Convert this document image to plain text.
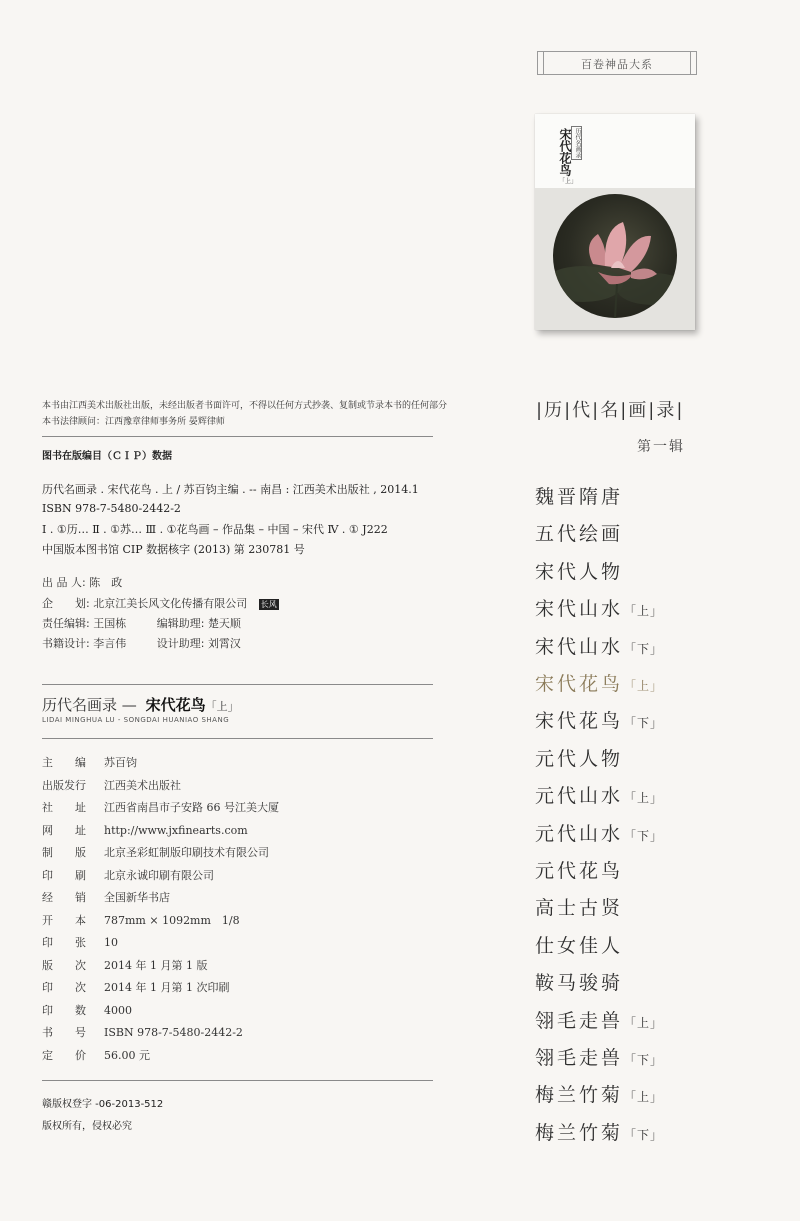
百卷神品大系
宋代花鸟 历代名画录
「上」
本书由江西美术出版社出版，未经出版者书面许可，不得以任何方式抄袭、复制或节录本书的任何部分
本书法律顾问：江西豫章律师事务所 晏辉律师
图书在版编目（ＣＩＰ）数据
历代名画录 . 宋代花鸟 . 上 / 苏百钧主编 . -- 南昌 : 江西美术出版社 , 2014.1
ISBN 978-7-5480-2442-2
Ⅰ . ①历… Ⅱ . ①苏… Ⅲ . ①花鸟画 – 作品集 – 中国 – 宋代 Ⅳ . ① J222
中国版本图书馆 CIP 数据核字 (2013) 第 230781 号
出 品 人: 陈　政
企　　划: 北京江美长风文化传播有限公司 长风
责任编辑: 王国栋	编辑助理: 楚天顺
书籍设计: 李言伟	设计助理: 刘霄汉
历代名画录 — 宋代花鸟「上」
LIDAI MINGHUA LU - SONGDAI HUANIAO SHANG
主　　编 苏百钧
出版发行 江西美术出版社
社　　址 江西省南昌市子安路 66 号江美大厦
网　　址 http://www.jxfinearts.com
制　　版 北京圣彩虹制版印刷技术有限公司
印　　刷 北京永诚印刷有限公司
经　　销 全国新华书店
开　　本 787mm × 1092mm　1/8
印　　张 10
版　　次 2014 年 1 月第 1 版
印　　次 2014 年 1 月第 1 次印刷
印　　数 4000
书　　号 ISBN 978-7-5480-2442-2
定　　价 56.00 元
赣版权登字 -06-2013-512
版权所有，侵权必究
|历|代|名|画|录|
第一辑
魏晋隋唐
五代绘画
宋代人物
宋代山水「上」
宋代山水「下」
宋代花鸟「上」
宋代花鸟「下」
元代人物
元代山水「上」
元代山水「下」
元代花鸟
高士古贤
仕女佳人
鞍马骏骑
翎毛走兽「上」
翎毛走兽「下」
梅兰竹菊「上」
梅兰竹菊「下」
